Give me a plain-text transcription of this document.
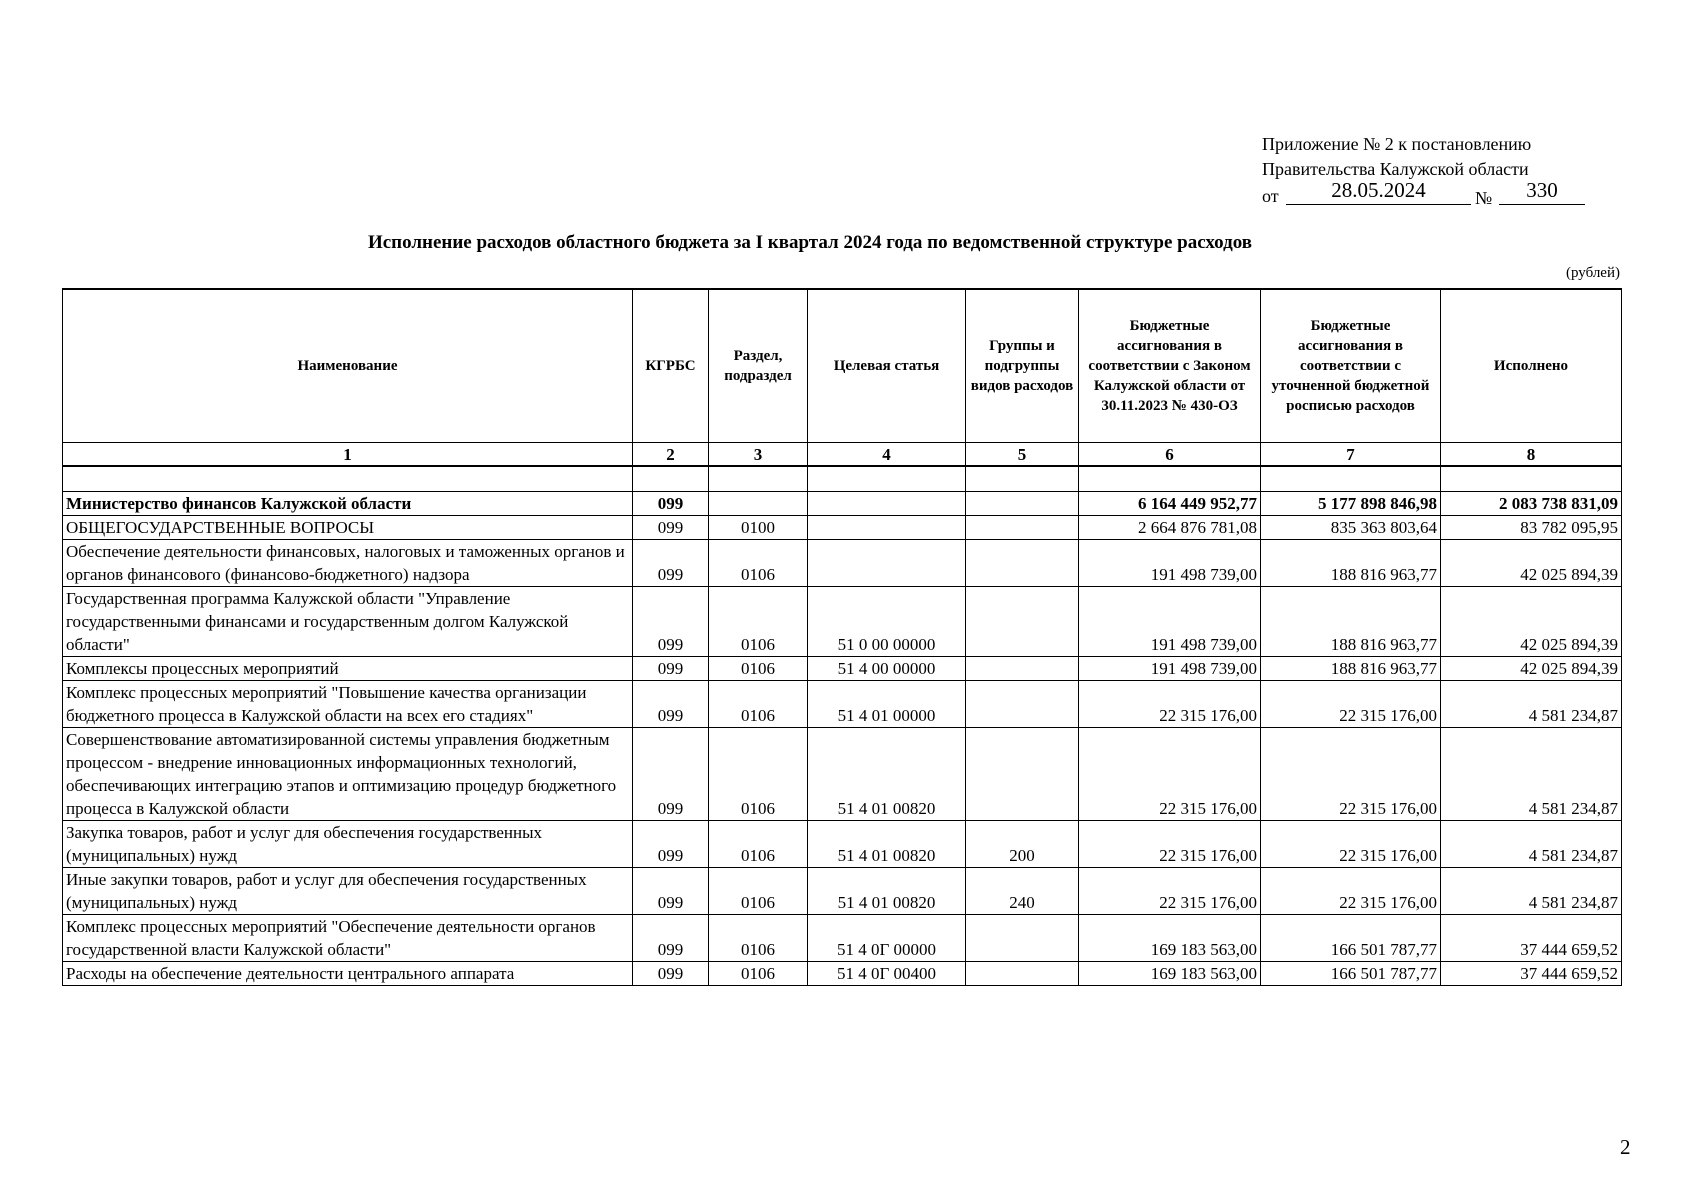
Приложение № 2 к постановлению
Правительства Калужской области
от	28.05.2024	№	330
Исполнение расходов областного бюджета за I квартал 2024 года по ведомственной структуре расходов
(рублей)
Наименование	КГРБС	Раздел, подраздел	Целевая статья	Группы и подгруппы видов расходов	Бюджетные ассигнования в соответствии с Законом Калужской области от 30.11.2023 № 430-ОЗ	Бюджетные ассигнования в соответствии с уточненной бюджетной росписью расходов	Исполнено
1	2	3	4	5	6	7	8

Министерство финансов Калужской области	099				6 164 449 952,77	5 177 898 846,98	2 083 738 831,09
ОБЩЕГОСУДАРСТВЕННЫЕ ВОПРОСЫ	099	0100			2 664 876 781,08	835 363 803,64	83 782 095,95
Обеспечение деятельности финансовых, налоговых и таможенных органов и органов финансового (финансово-бюджетного) надзора	099	0106			191 498 739,00	188 816 963,77	42 025 894,39
Государственная программа Калужской области "Управление государственными финансами и государственным долгом Калужской области"	099	0106	51 0 00 00000		191 498 739,00	188 816 963,77	42 025 894,39
Комплексы процессных мероприятий	099	0106	51 4 00 00000		191 498 739,00	188 816 963,77	42 025 894,39
Комплекс процессных мероприятий "Повышение качества организации бюджетного процесса в Калужской области на всех его стадиях"	099	0106	51 4 01 00000		22 315 176,00	22 315 176,00	4 581 234,87
Совершенствование автоматизированной системы управления бюджетным процессом - внедрение инновационных информационных технологий, обеспечивающих интеграцию этапов и оптимизацию процедур бюджетного процесса в Калужской области	099	0106	51 4 01 00820		22 315 176,00	22 315 176,00	4 581 234,87
Закупка товаров, работ и услуг для обеспечения государственных (муниципальных) нужд	099	0106	51 4 01 00820	200	22 315 176,00	22 315 176,00	4 581 234,87
Иные закупки товаров, работ и услуг для обеспечения государственных (муниципальных) нужд	099	0106	51 4 01 00820	240	22 315 176,00	22 315 176,00	4 581 234,87
Комплекс процессных мероприятий "Обеспечение деятельности органов государственной власти Калужской области"	099	0106	51 4 0Г 00000		169 183 563,00	166 501 787,77	37 444 659,52
Расходы на обеспечение деятельности центрального аппарата	099	0106	51 4 0Г 00400		169 183 563,00	166 501 787,77	37 444 659,52
2
